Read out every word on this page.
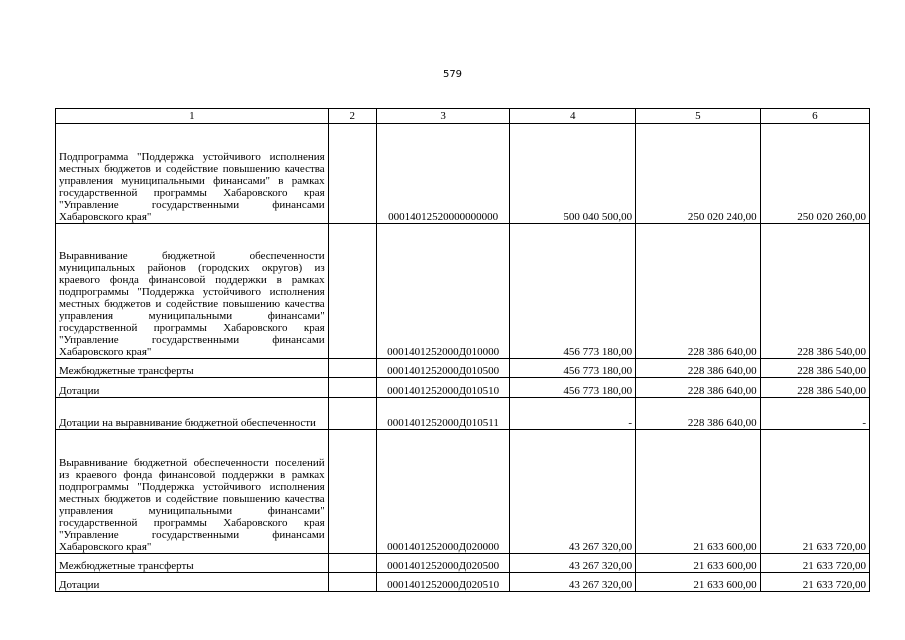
579
1	2	3	4	5	6
Подпрограмма "Поддержка устойчивого исполнения местных бюджетов и содействие повышению качества управления муниципальными финансами" в рамках государственной программы Хабаровского края "Управление государственными финансами Хабаровского края"		00014012520000000000	500 040 500,00	250 020 240,00	250 020 260,00
Выравнивание бюджетной обеспеченности муниципальных районов (городских округов) из краевого фонда финансовой поддержки в рамках подпрограммы "Поддержка устойчивого исполнения местных бюджетов и содействие повышению качества управления муниципальными финансами" государственной программы Хабаровского края "Управление государственными финансами Хабаровского края"		0001401252000Д010000	456 773 180,00	228 386 640,00	228 386 540,00
Межбюджетные трансферты		0001401252000Д010500	456 773 180,00	228 386 640,00	228 386 540,00
Дотации		0001401252000Д010510	456 773 180,00	228 386 640,00	228 386 540,00
Дотации на выравнивание бюджетной обеспеченности		0001401252000Д010511	-	228 386 640,00	-
Выравнивание бюджетной обеспеченности поселений из краевого фонда финансовой поддержки в рамках подпрограммы "Поддержка устойчивого исполнения местных бюджетов и содействие повышению качества управления муниципальными финансами" государственной программы Хабаровского края "Управление государственными финансами Хабаровского края"		0001401252000Д020000	43 267 320,00	21 633 600,00	21 633 720,00
Межбюджетные трансферты		0001401252000Д020500	43 267 320,00	21 633 600,00	21 633 720,00
Дотации		0001401252000Д020510	43 267 320,00	21 633 600,00	21 633 720,00
